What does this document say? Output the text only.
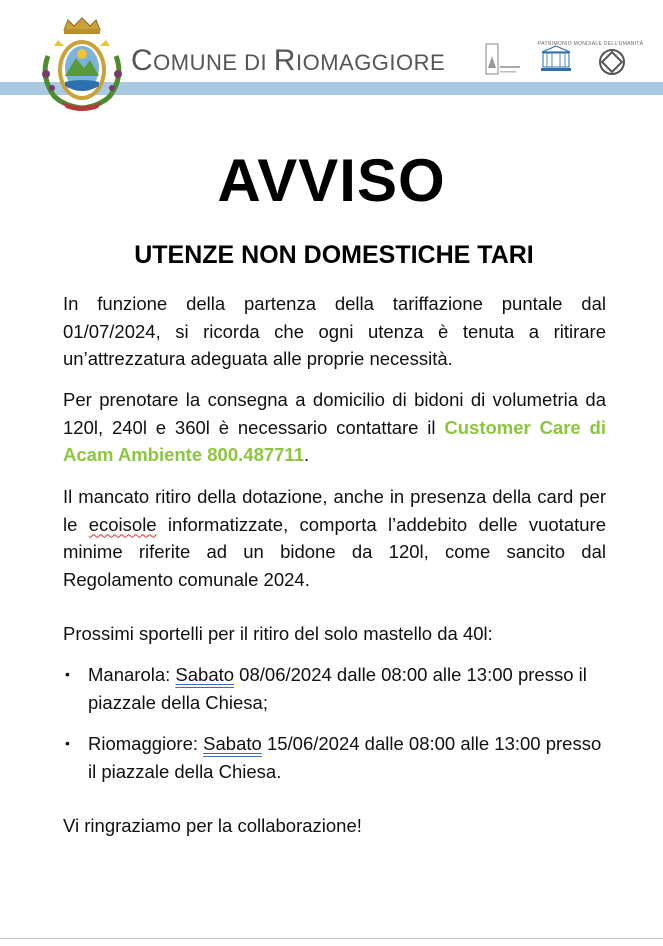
COMUNE DI RIOMAGGIORE
PATRIMONIO MONDIALE DELL'UMANITÀ
AVVISO
UTENZE NON DOMESTICHE TARI
In funzione della partenza della tariffazione puntale dal 01/07/2024, si ricorda che ogni utenza è tenuta a ritirare un’attrezzatura adeguata alle proprie necessità.
Per prenotare la consegna a domicilio di bidoni di volumetria da 120l, 240l e 360l è necessario contattare il Customer Care di Acam Ambiente 800.487711.
Il mancato ritiro della dotazione, anche in presenza della card per le ecoisole informatizzate, comporta l’addebito delle vuotature minime riferite ad un bidone da 120l, come sancito dal Regolamento comunale 2024.
Prossimi sportelli per il ritiro del solo mastello da 40l:
• Manarola: Sabato 08/06/2024 dalle 08:00 alle 13:00 presso il piazzale della Chiesa;
• Riomaggiore: Sabato 15/06/2024 dalle 08:00 alle 13:00 presso il piazzale della Chiesa.
Vi ringraziamo per la collaborazione!
